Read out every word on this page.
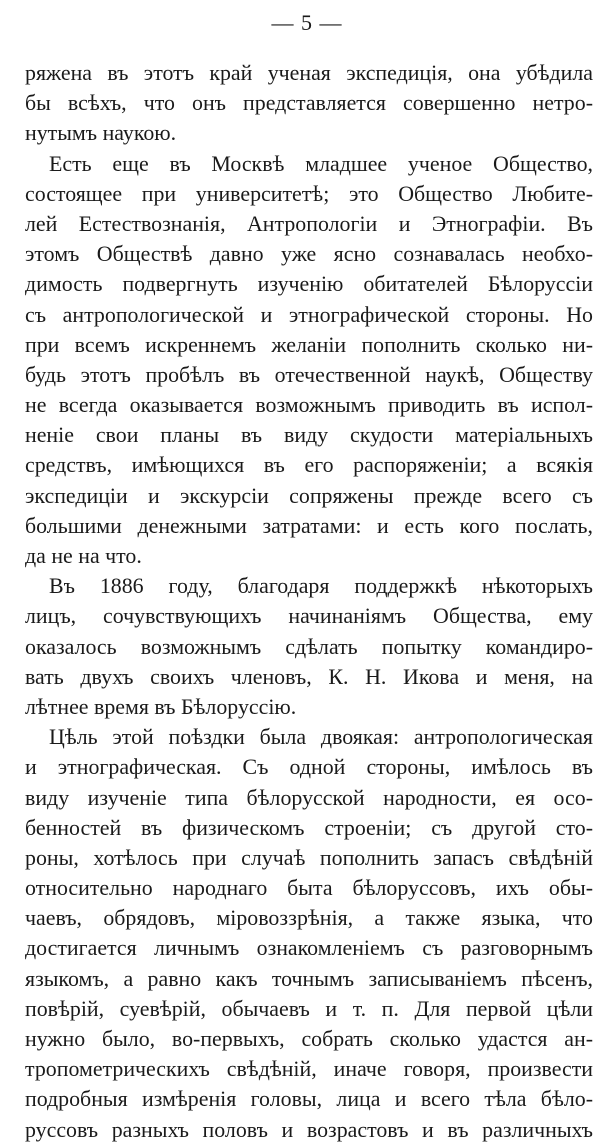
— 5 —
ряжена въ этотъ край ученая экспедиція, она убѣдила
бы всѣхъ, что онъ представляется совершенно нетро-
нутымъ наукою.
Есть еще въ Москвѣ младшее ученое Общество,
состоящее при университетѣ; это Общество Любите-
лей Естествознанія, Антропологіи и Этнографіи. Въ
этомъ Обществѣ давно уже ясно сознавалась необхо-
димость подвергнуть изученію обитателей Бѣлоруссіи
съ антропологической и этнографической стороны. Но
при всемъ искреннемъ желаніи пополнить сколько ни-
будь этотъ пробѣлъ въ отечественной наукѣ, Обществу
не всегда оказывается возможнымъ приводить въ испол-
неніе свои планы въ виду скудости матеріальныхъ
средствъ, имѣющихся въ его распоряженіи; а всякія
экспедиціи и экскурсіи сопряжены прежде всего съ
большими денежными затратами: и есть кого послать,
да не на что.
Въ 1886 году, благодаря поддержкѣ нѣкоторыхъ
лицъ, сочувствующихъ начинаніямъ Общества, ему
оказалось возможнымъ сдѣлать попытку командиро-
вать двухъ своихъ членовъ, К. Н. Икова и меня, на
лѣтнее время въ Бѣлоруссію.
Цѣль этой поѣздки была двоякая: антропологическая
и этнографическая. Съ одной стороны, имѣлось въ
виду изученіе типа бѣлорусской народности, ея осо-
бенностей въ физическомъ строеніи; съ другой сто-
роны, хотѣлось при случаѣ пополнить запасъ свѣдѣній
относительно народнаго быта бѣлоруссовъ, ихъ обы-
чаевъ, обрядовъ, міровоззрѣнія, а также языка, что
достигается личнымъ ознакомленіемъ съ разговорнымъ
языкомъ, а равно какъ точнымъ записываніемъ пѣсенъ,
повѣрій, суевѣрій, обычаевъ и т. п. Для первой цѣли
нужно было, во-первыхъ, собрать сколько удастся ан-
тропометрическихъ свѣдѣній, иначе говоря, произвести
подробныя измѣренія головы, лица и всего тѣла бѣло-
руссовъ разныхъ половъ и возрастовъ и въ различныхъ
